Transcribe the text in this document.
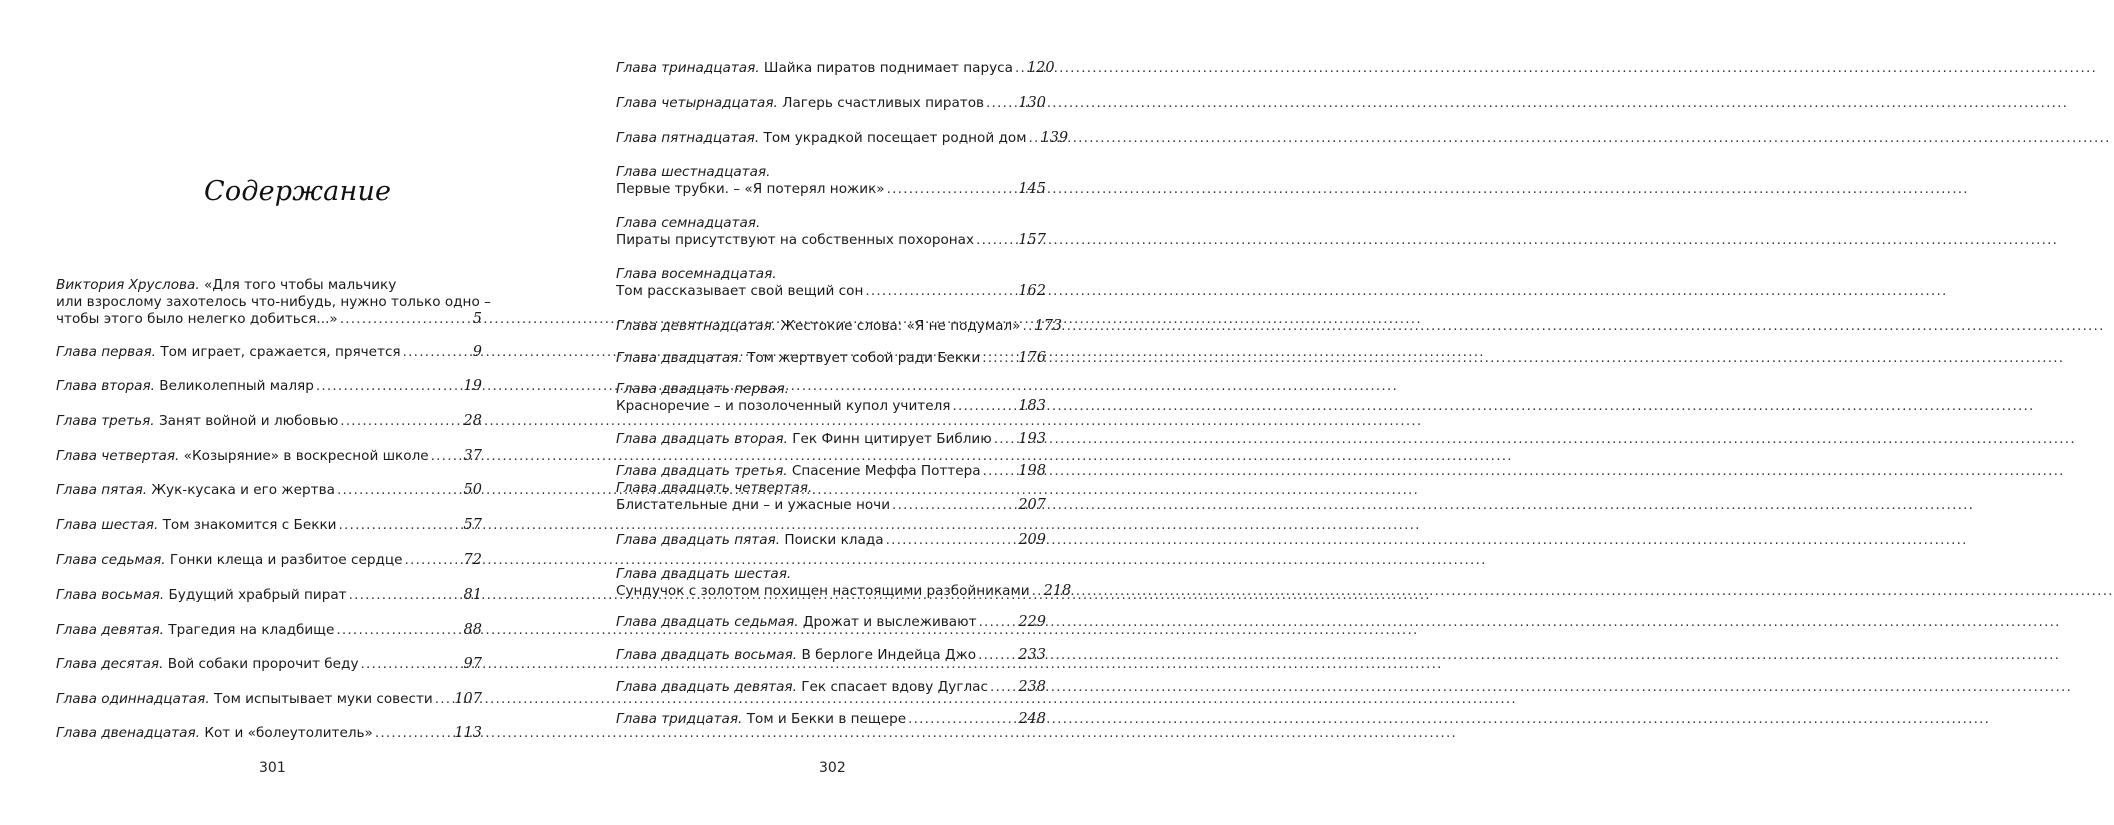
Содержание
Виктория Хруслова.
«Для того чтобы мальчику
или взрослому захотелось что-нибудь, нужно только одно –
чтобы этого было нелегко добиться...» .....	5
Глава первая.
Том играет, сражается, прячется .....	9
Глава вторая.
Великолепный маляр .....	19
Глава третья.
Занят войной и любовью .....	28
Глава четвертая.
«Козыряние» в воскресной школе ..... 37
Глава пятая.
Жук-кусака и его жертва .....	50
Глава шестая.
Том знакомится с Бекки .....	57
Глава седьмая.
Гонки клеща и разбитое сердце .....	72
Глава восьмая.
Будущий храбрый пират .....	81
Глава девятая.
Трагедия на кладбище .....	88
Глава десятая.
Вой собаки пророчит беду .....	97
Глава одиннадцатая.
Том испытывает муки совести ..... 107
Глава двенадцатая.
Кот и «болеутолитель» .....	113
301
Глава тринадцатая.
Шайка пиратов поднимает паруса ..... 120
Глава четырнадцатая.
Лагерь счастливых пиратов ..... 130
Глава пятнадцатая.
Том украдкой посещает родной дом ..... 139
Глава шестнадцатая.
Первые трубки. – «Я потерял ножик» .....	145
Глава семнадцатая.
Пираты присутствуют на собственных похоронах .....	157
Глава восемнадцатая.
Том рассказывает свой вещий сон .....	162
Глава девятнадцатая.
Жестокие слова: «Я не подумал» ..... 173
Глава двадцатая.
Том жертвует собой ради Бекки .....	176
Глава двадцать первая.
Красноречие – и позолоченный купол учителя .....	183
Глава двадцать вторая.
Гек Финн цитирует Библию ..... 193
Глава двадцать третья.
Спасение Меффа Поттера .....	198
Глава двадцать четвертая.
Блистательные дни – и ужасные ночи .....	207
Глава двадцать пятая.
Поиски клада .....	209
Глава двадцать шестая.
Сундучок с золотом похищен настоящими разбойниками ..... 218
Глава двадцать седьмая.
Дрожат и выслеживают .....	229
Глава двадцать восьмая.
В берлоге Индейца Джо .....	233
Глава двадцать девятая.
Гек спасает вдову Дуглас ..... 238
Глава тридцатая.
Том и Бекки в пещере .....	248
302
